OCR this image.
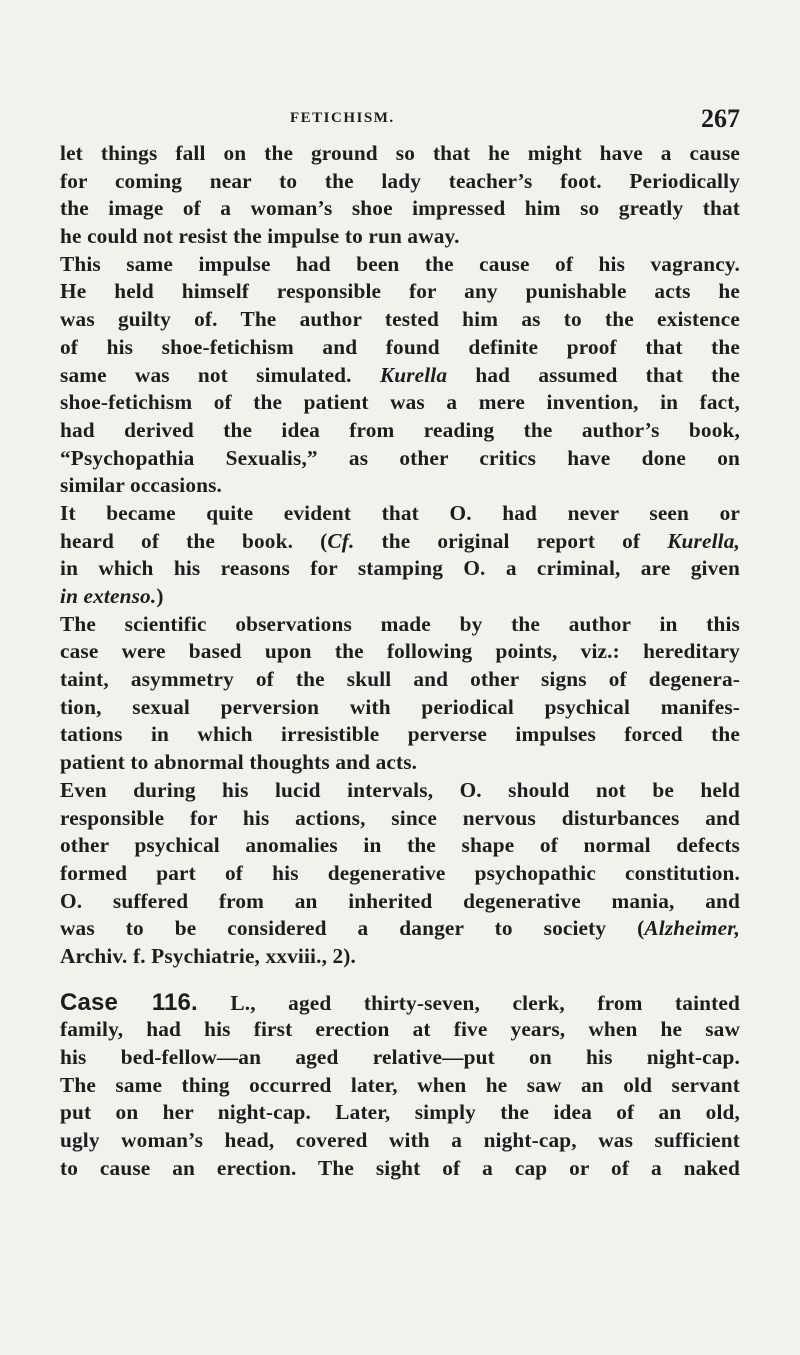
FETICHISM.	267
let things fall on the ground so that he might have a cause
for coming near to the lady teacher’s foot. Periodically
the image of a woman’s shoe impressed him so greatly that
he could not resist the impulse to run away.
This same impulse had been the cause of his vagrancy.
He held himself responsible for any punishable acts he
was guilty of. The author tested him as to the existence
of his shoe-fetichism and found definite proof that the
same was not simulated. Kurella had assumed that the
shoe-fetichism of the patient was a mere invention, in fact,
had derived the idea from reading the author’s book,
“Psychopathia Sexualis,” as other critics have done on
similar occasions.
It became quite evident that O. had never seen or
heard of the book. (Cf. the original report of Kurella,
in which his reasons for stamping O. a criminal, are given
in extenso.)
The scientific observations made by the author in this
case were based upon the following points, viz.: hereditary
taint, asymmetry of the skull and other signs of degenera-
tion, sexual perversion with periodical psychical manifes-
tations in which irresistible perverse impulses forced the
patient to abnormal thoughts and acts.
Even during his lucid intervals, O. should not be held
responsible for his actions, since nervous disturbances and
other psychical anomalies in the shape of normal defects
formed part of his degenerative psychopathic constitution.
O. suffered from an inherited degenerative mania, and
was to be considered a danger to society (Alzheimer,
Archiv. f. Psychiatrie, xxviii., 2).
Case 116. L., aged thirty-seven, clerk, from tainted
family, had his first erection at five years, when he saw
his bed-fellow—an aged relative—put on his night-cap.
The same thing occurred later, when he saw an old servant
put on her night-cap. Later, simply the idea of an old,
ugly woman’s head, covered with a night-cap, was sufficient
to cause an erection. The sight of a cap or of a naked
